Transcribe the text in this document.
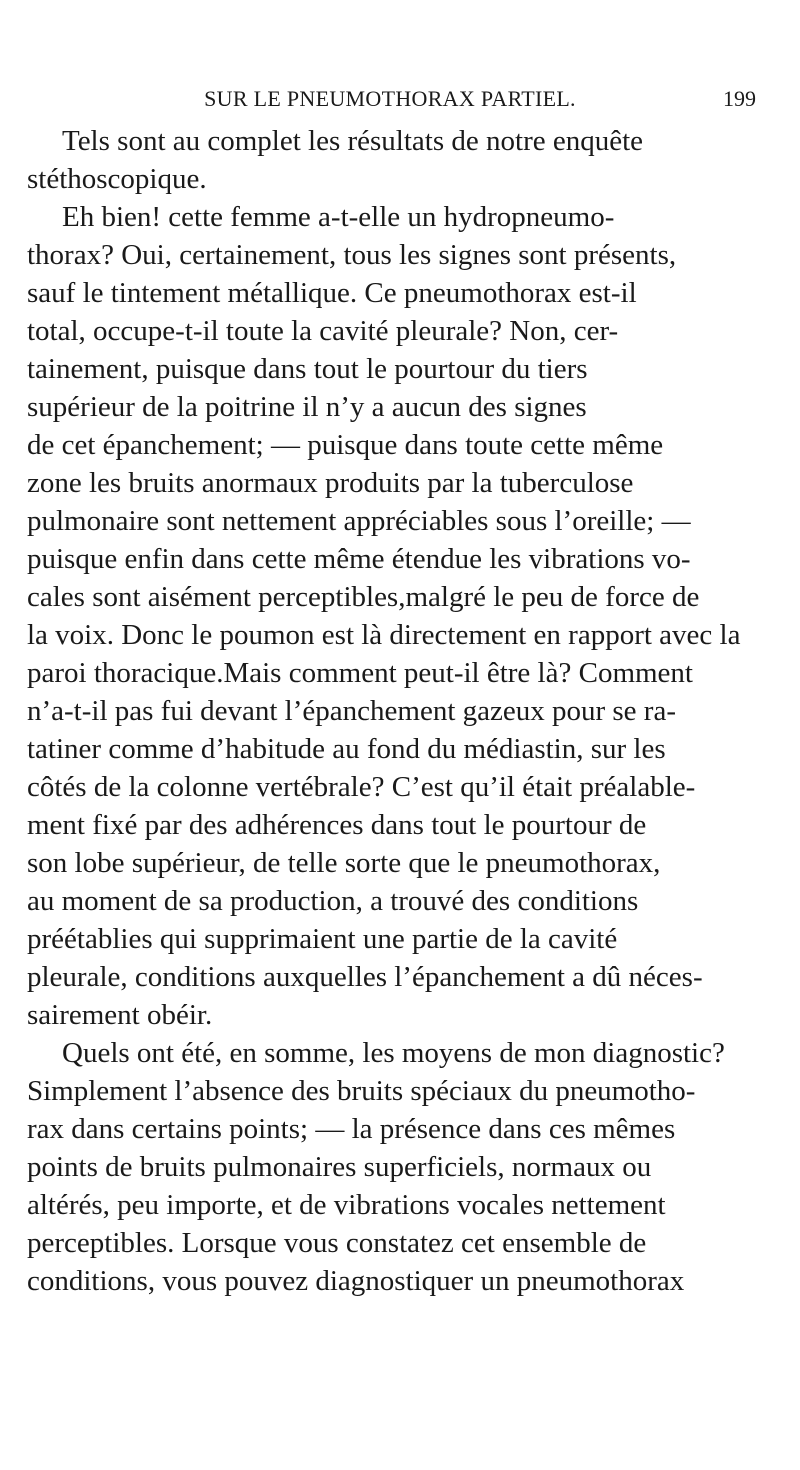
SUR LE PNEUMOTHORAX PARTIEL.	199
Tels sont au complet les résultats de notre enquête
stéthoscopique.
Eh bien! cette femme a-t-elle un hydropneumo-
thorax? Oui, certainement, tous les signes sont présents,
sauf le tintement métallique. Ce pneumothorax est-il
total, occupe-t-il toute la cavité pleurale? Non, cer-
tainement, puisque dans tout le pourtour du tiers
supérieur de la poitrine il n’y a aucun des signes
de cet épanchement; — puisque dans toute cette même
zone les bruits anormaux produits par la tuberculose
pulmonaire sont nettement appréciables sous l’oreille; —
puisque enfin dans cette même étendue les vibrations vo-
cales sont aisément perceptibles,malgré le peu de force de
la voix. Donc le poumon est là directement en rapport avec la
paroi thoracique.Mais comment peut-il être là? Comment
n’a-t-il pas fui devant l’épanchement gazeux pour se ra-
tatiner comme d’habitude au fond du médiastin, sur les
côtés de la colonne vertébrale? C’est qu’il était préalable-
ment fixé par des adhérences dans tout le pourtour de
son lobe supérieur, de telle sorte que le pneumothorax,
au moment de sa production, a trouvé des conditions
préétablies qui supprimaient une partie de la cavité
pleurale, conditions auxquelles l’épanchement a dû néces-
sairement obéir.
Quels ont été, en somme, les moyens de mon diagnostic?
Simplement l’absence des bruits spéciaux du pneumotho-
rax dans certains points; — la présence dans ces mêmes
points de bruits pulmonaires superficiels, normaux ou
altérés, peu importe, et de vibrations vocales nettement
perceptibles. Lorsque vous constatez cet ensemble de
conditions, vous pouvez diagnostiquer un pneumothorax
